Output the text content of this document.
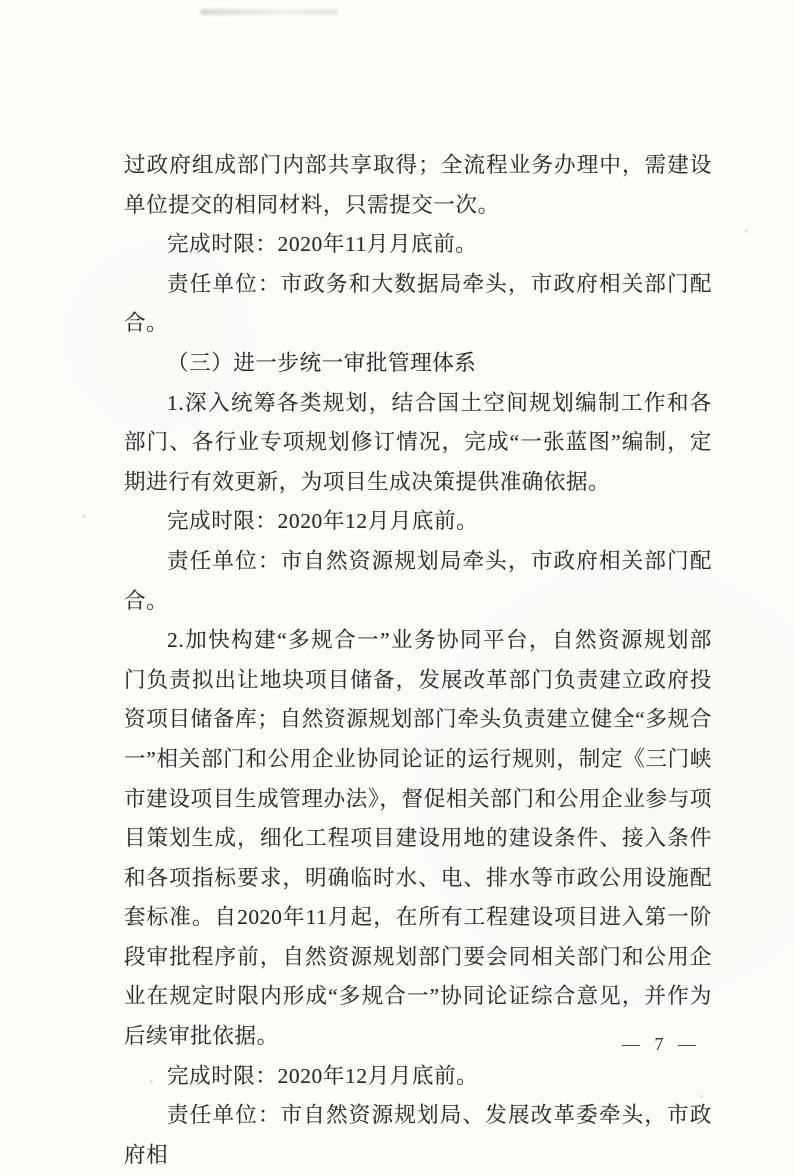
过政府组成部门内部共享取得；全流程业务办理中，需建设单位提交的相同材料，只需提交一次。

完成时限：2020年11月月底前。

责任单位：市政务和大数据局牵头，市政府相关部门配合。

（三）进一步统一审批管理体系

1.深入统筹各类规划，结合国土空间规划编制工作和各部门、各行业专项规划修订情况，完成“一张蓝图”编制，定期进行有效更新，为项目生成决策提供准确依据。

完成时限：2020年12月月底前。

责任单位：市自然资源规划局牵头，市政府相关部门配合。

2.加快构建“多规合一”业务协同平台，自然资源规划部门负责拟出让地块项目储备，发展改革部门负责建立政府投资项目储备库；自然资源规划部门牵头负责建立健全“多规合一”相关部门和公用企业协同论证的运行规则，制定《三门峡市建设项目生成管理办法》，督促相关部门和公用企业参与项目策划生成，细化工程项目建设用地的建设条件、接入条件和各项指标要求，明确临时水、电、排水等市政公用设施配套标准。自2020年11月起，在所有工程建设项目进入第一阶段审批程序前，自然资源规划部门要会同相关部门和公用企业在规定时限内形成“多规合一”协同论证综合意见，并作为后续审批依据。

完成时限：2020年12月月底前。

责任单位：市自然资源规划局、发展改革委牵头，市政府相

— 7 —
